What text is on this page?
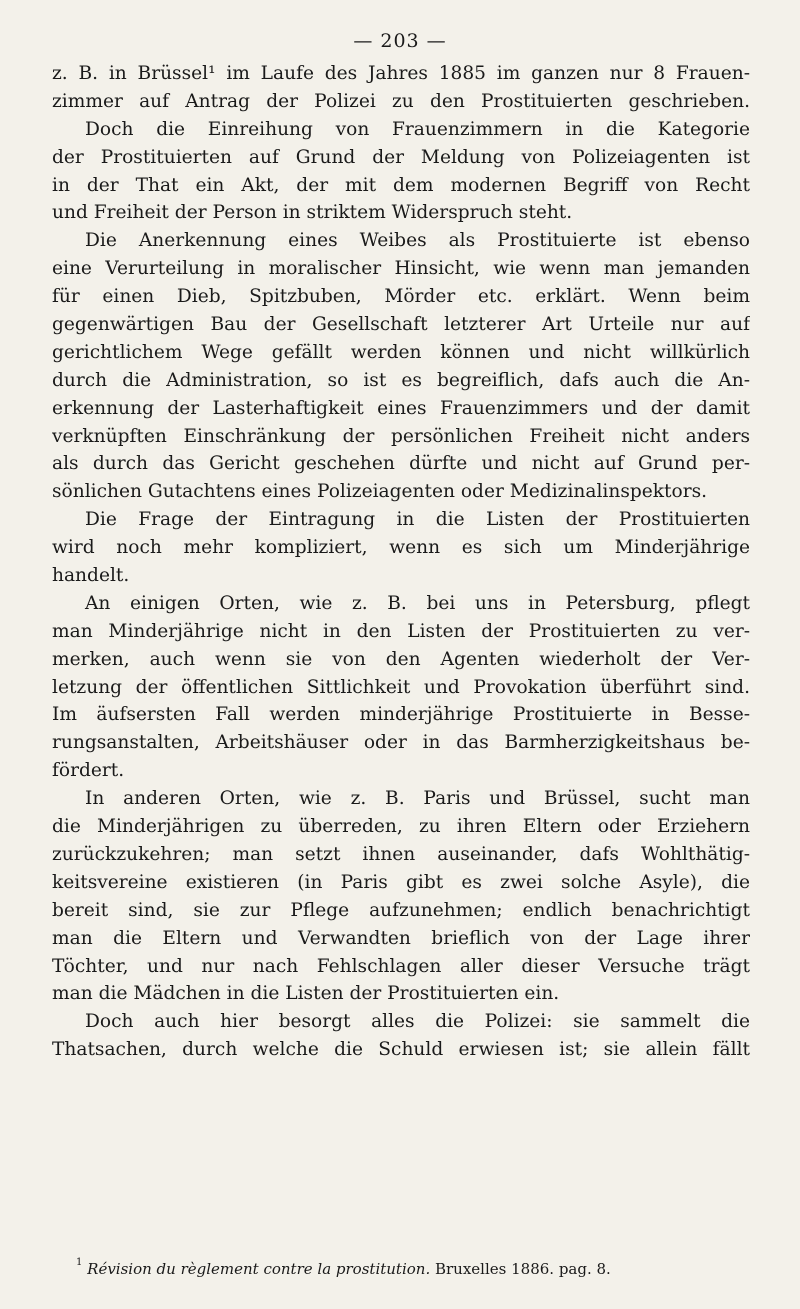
— 203 —
z. B. in Brüssel¹ im Laufe des Jahres 1885 im ganzen nur 8 Frauen-
zimmer auf Antrag der Polizei zu den Prostituierten geschrieben.
Doch die Einreihung von Frauenzimmern in die Kategorie
der Prostituierten auf Grund der Meldung von Polizeiagenten ist
in der That ein Akt, der mit dem modernen Begriff von Recht
und Freiheit der Person in striktem Widerspruch steht.
Die Anerkennung eines Weibes als Prostituierte ist ebenso
eine Verurteilung in moralischer Hinsicht, wie wenn man jemanden
für einen Dieb, Spitzbuben, Mörder etc. erklärt. Wenn beim
gegenwärtigen Bau der Gesellschaft letzterer Art Urteile nur auf
gerichtlichem Wege gefällt werden können und nicht willkürlich
durch die Administration, so ist es begreiflich, dafs auch die An-
erkennung der Lasterhaftigkeit eines Frauenzimmers und der damit
verknüpften Einschränkung der persönlichen Freiheit nicht anders
als durch das Gericht geschehen dürfte und nicht auf Grund per-
sönlichen Gutachtens eines Polizeiagenten oder Medizinalinspektors.
Die Frage der Eintragung in die Listen der Prostituierten
wird noch mehr kompliziert, wenn es sich um Minderjährige
handelt.
An einigen Orten, wie z. B. bei uns in Petersburg, pflegt
man Minderjährige nicht in den Listen der Prostituierten zu ver-
merken, auch wenn sie von den Agenten wiederholt der Ver-
letzung der öffentlichen Sittlichkeit und Provokation überführt sind.
Im äufsersten Fall werden minderjährige Prostituierte in Besse-
rungsanstalten, Arbeitshäuser oder in das Barmherzigkeitshaus be-
fördert.
In anderen Orten, wie z. B. Paris und Brüssel, sucht man
die Minderjährigen zu überreden, zu ihren Eltern oder Erziehern
zurückzukehren; man setzt ihnen auseinander, dafs Wohlthätig-
keitsvereine existieren (in Paris gibt es zwei solche Asyle), die
bereit sind, sie zur Pflege aufzunehmen; endlich benachrichtigt
man die Eltern und Verwandten brieflich von der Lage ihrer
Töchter, und nur nach Fehlschlagen aller dieser Versuche trägt
man die Mädchen in die Listen der Prostituierten ein.
Doch auch hier besorgt alles die Polizei: sie sammelt die
Thatsachen, durch welche die Schuld erwiesen ist; sie allein fällt
$^1$ Révision du règlement contre la prostitution. Bruxelles 1886. pag. 8.
